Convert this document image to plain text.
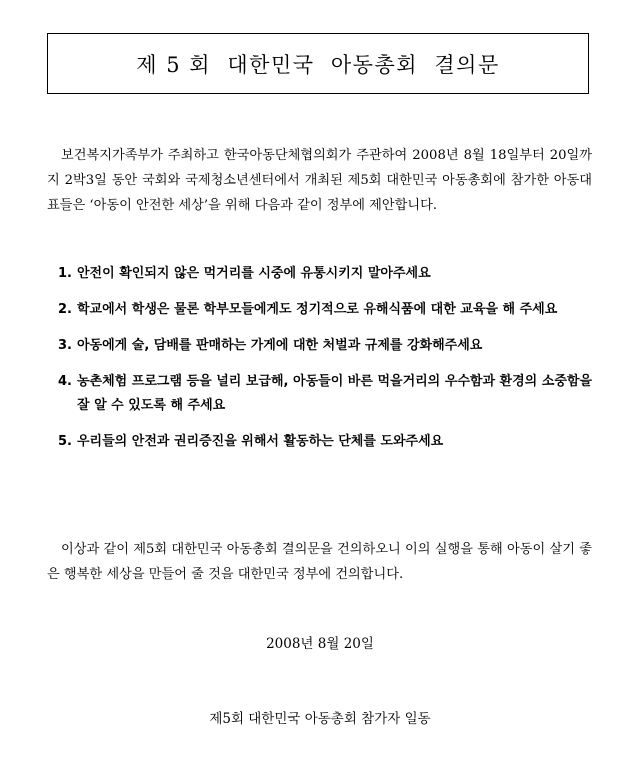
제 5 회  대한민국  아동총회  결의문

보건복지가족부가 주최하고 한국아동단체협의회가 주관하여 2008년 8월 18일부터 20일까지 2박3일 동안 국회와 국제청소년센터에서 개최된 제5회 대한민국 아동총회에 참가한 아동대표들은 ‘아동이 안전한 세상’을 위해 다음과 같이 정부에 제안합니다.

1. 안전이 확인되지 않은 먹거리를 시중에 유통시키지 말아주세요
2. 학교에서 학생은 물론 학부모들에게도 정기적으로 유해식품에 대한 교육을 해 주세요
3. 아동에게 술, 담배를 판매하는 가게에 대한 처벌과 규제를 강화해주세요
4. 농촌체험 프로그램 등을 널리 보급해, 아동들이 바른 먹을거리의 우수함과 환경의 소중함을 잘 알 수 있도록 해 주세요
5. 우리들의 안전과 권리증진을 위해서 활동하는 단체를 도와주세요

이상과 같이 제5회 대한민국 아동총회 결의문을 건의하오니 이의 실행을 통해 아동이 살기 좋은 행복한 세상을 만들어 줄 것을 대한민국 정부에 건의합니다.

2008년 8월 20일
제5회 대한민국 아동총회 참가자 일동
